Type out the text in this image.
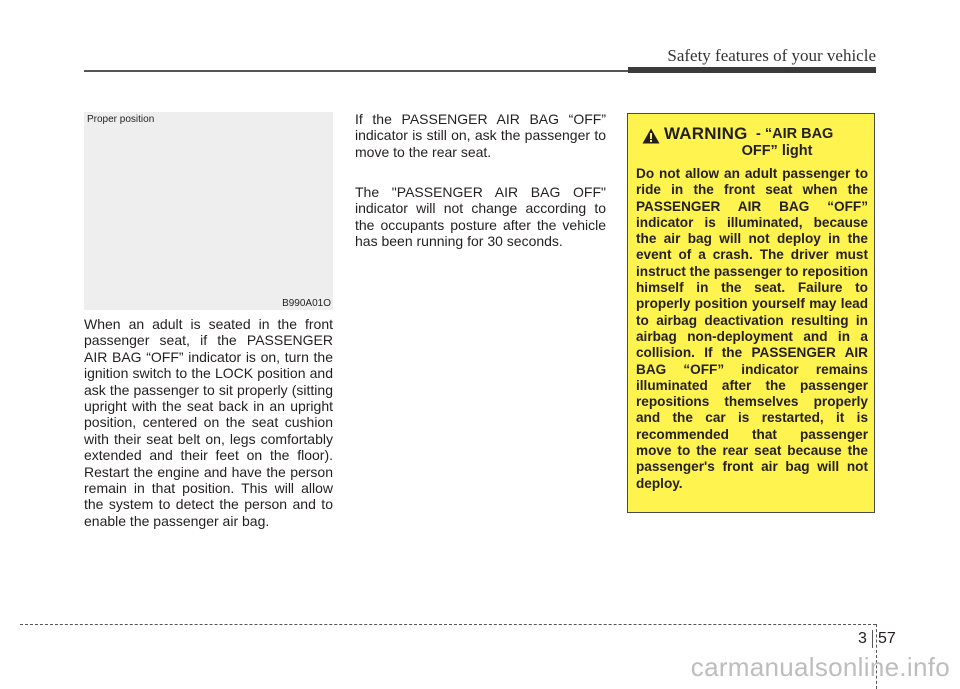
Safety features of your vehicle
Proper position
B990A01O

When an adult is seated in the front passenger seat, if the PASSENGER AIR BAG “OFF” indicator is on, turn the ignition switch to the LOCK position and ask the passenger to sit properly (sitting upright with the seat back in an upright position, centered on the seat cushion with their seat belt on, legs comfortably extended and their feet on the floor). Restart the engine and have the person remain in that position. This will allow the system to detect the person and to enable the passenger air bag.

If the PASSENGER AIR BAG “OFF” indicator is still on, ask the passenger to move to the rear seat.

The "PASSENGER AIR BAG OFF" indicator will not change according to the occupants posture after the vehicle has been running for 30 seconds.

WARNING - “AIR BAG
OFF” light

Do not allow an adult passenger to ride in the front seat when the PASSENGER AIR BAG “OFF” indicator is illuminated, because the air bag will not deploy in the event of a crash. The driver must instruct the passenger to reposition himself in the seat. Failure to properly position yourself may lead to airbag deactivation resulting in airbag non-deployment and in a collision. If the PASSENGER AIR BAG “OFF” indicator remains illuminated after the passenger repositions themselves properly and the car is restarted, it is recommended that passenger move to the rear seat because the passenger's front air bag will not deploy.

3 57
carmanualsonline.info
